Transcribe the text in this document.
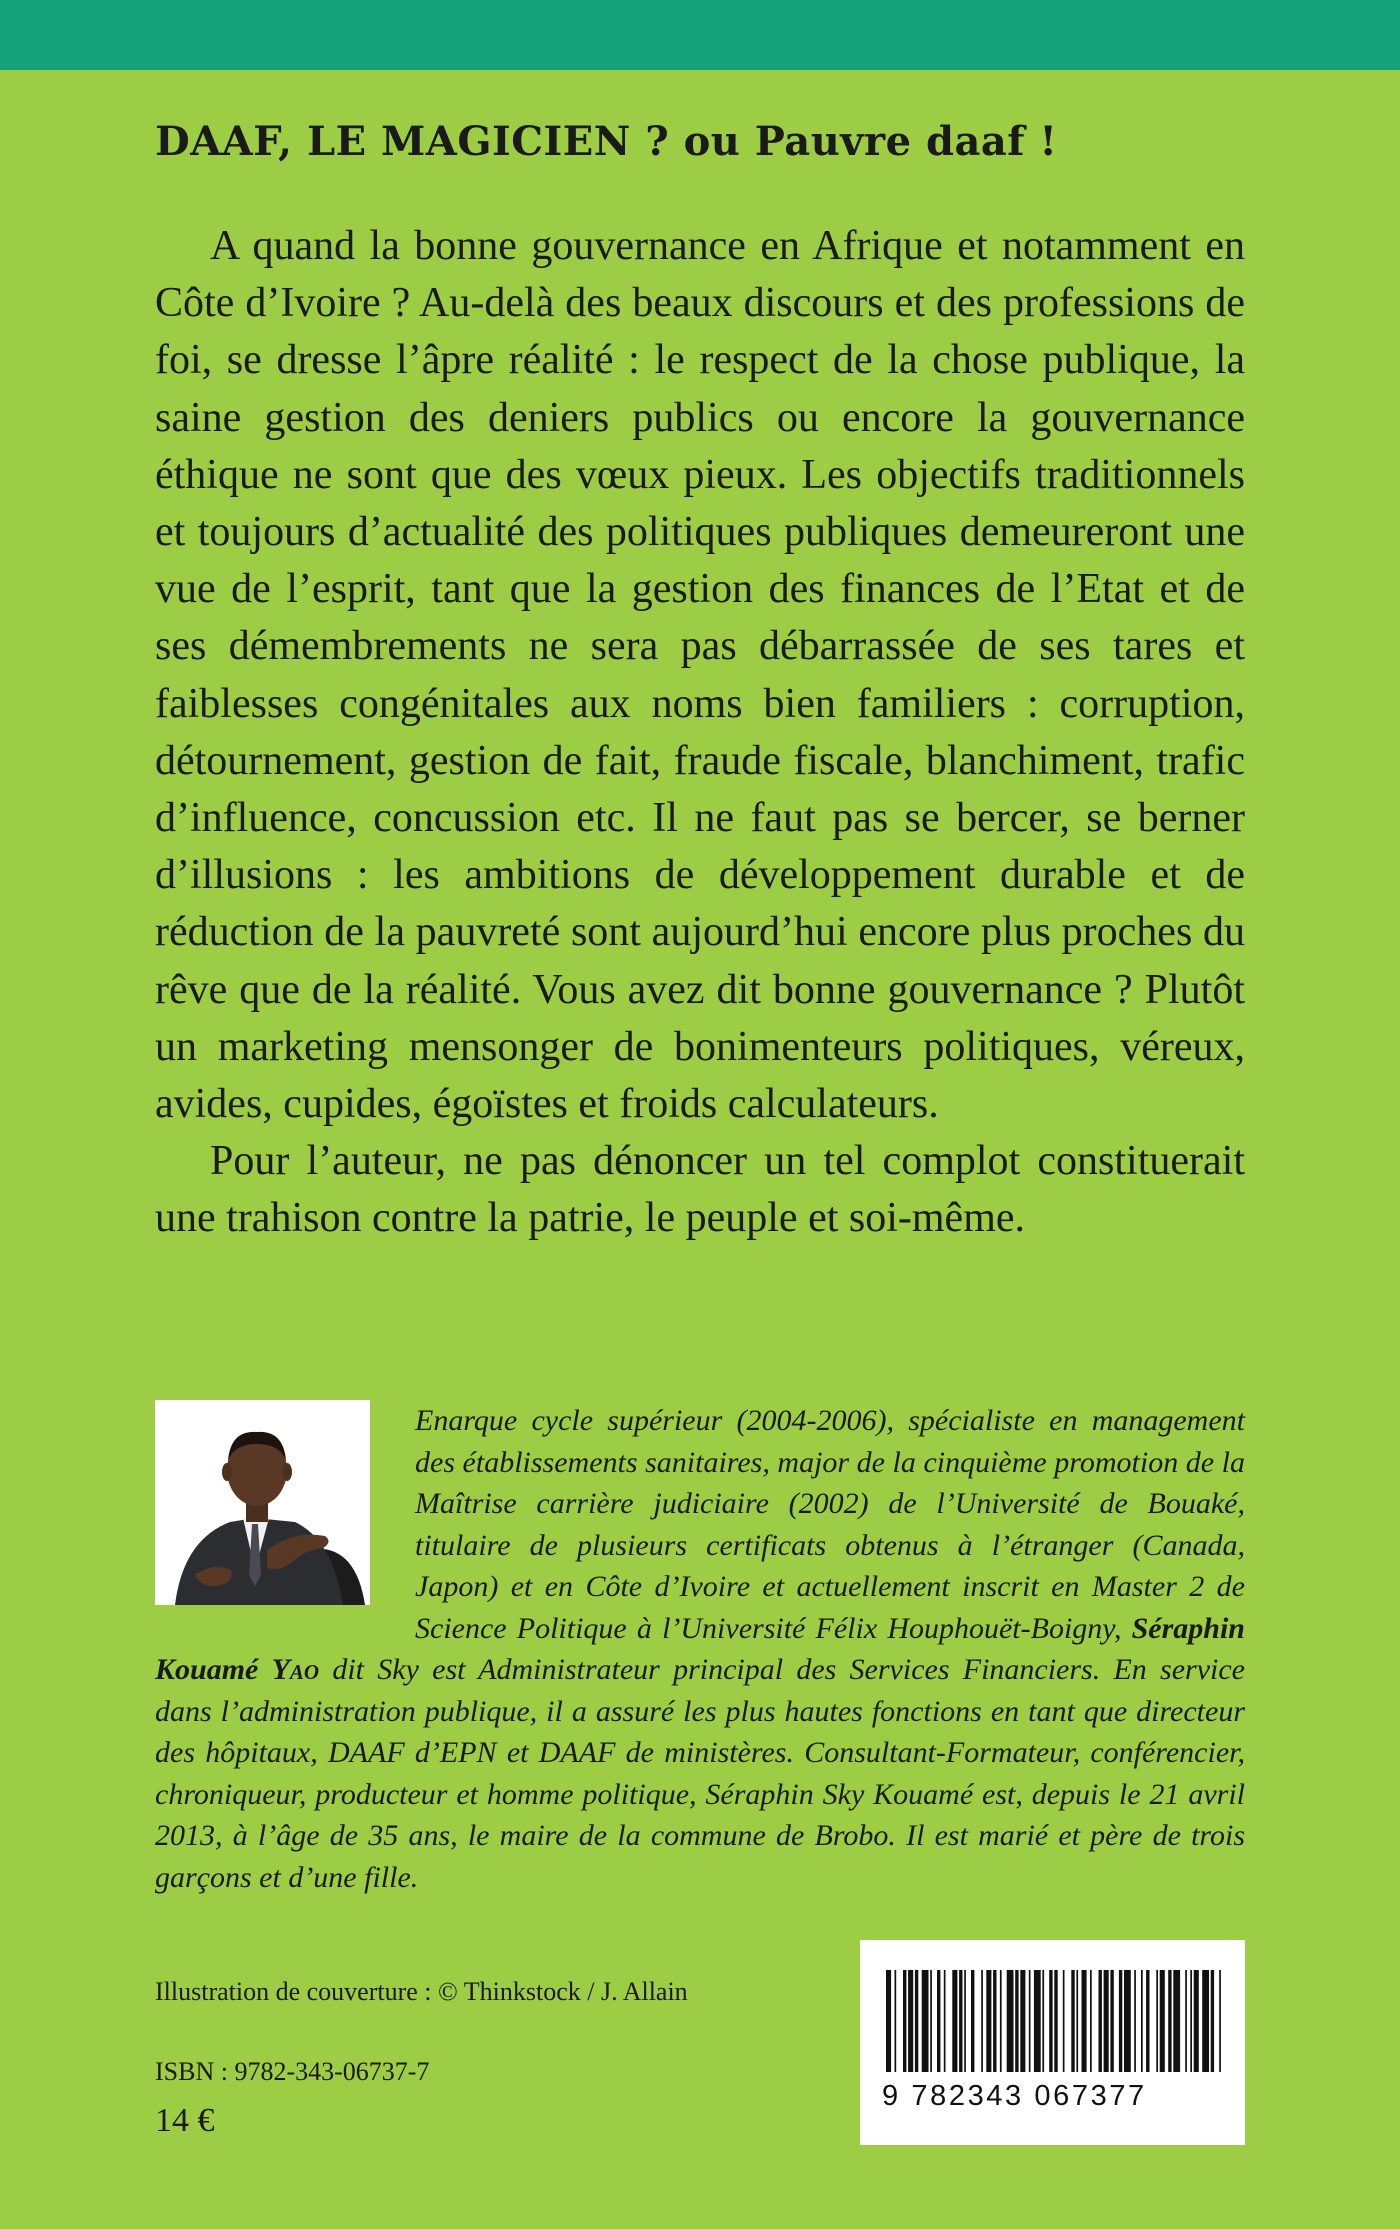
DAAF, LE MAGICIEN ? ou Pauvre daaf !

A quand la bonne gouvernance en Afrique et notamment en Côte d’Ivoire ? Au-delà des beaux discours et des professions de foi, se dresse l’âpre réalité : le respect de la chose publique, la saine gestion des deniers publics ou encore la gouvernance éthique ne sont que des vœux pieux. Les objectifs traditionnels et toujours d’actualité des politiques publiques demeureront une vue de l’esprit, tant que la gestion des finances de l’Etat et de ses démembrements ne sera pas débarrassée de ses tares et faiblesses congénitales aux noms bien familiers : corruption, détournement, gestion de fait, fraude fiscale, blanchiment, trafic d’influence, concussion etc. Il ne faut pas se bercer, se berner d’illusions : les ambitions de développement durable et de réduction de la pauvreté sont aujourd’hui encore plus proches du rêve que de la réalité. Vous avez dit bonne gouvernance ? Plutôt un marketing mensonger de bonimenteurs politiques, véreux, avides, cupides, égoïstes et froids calculateurs.

Pour l’auteur, ne pas dénoncer un tel complot constituerait une trahison contre la patrie, le peuple et soi-même.

Enarque cycle supérieur (2004-2006), spécialiste en management des établissements sanitaires, major de la cinquième promotion de la Maîtrise carrière judiciaire (2002) de l’Université de Bouaké, titulaire de plusieurs certificats obtenus à l’étranger (Canada, Japon) et en Côte d’Ivoire et actuellement inscrit en Master 2 de Science Politique à l’Université Félix Houphouët-Boigny, Séraphin Kouamé Yao dit Sky est Administrateur principal des Services Financiers. En service dans l’administration publique, il a assuré les plus hautes fonctions en tant que directeur des hôpitaux, DAAF d’EPN et DAAF de ministères. Consultant-Formateur, conférencier, chroniqueur, producteur et homme politique, Séraphin Sky Kouamé est, depuis le 21 avril 2013, à l’âge de 35 ans, le maire de la commune de Brobo. Il est marié et père de trois garçons et d’une fille.
Illustration de couverture : © Thinkstock / J. Allain
ISBN : 9782-343-06737-7
14 €
9 782343 067377
